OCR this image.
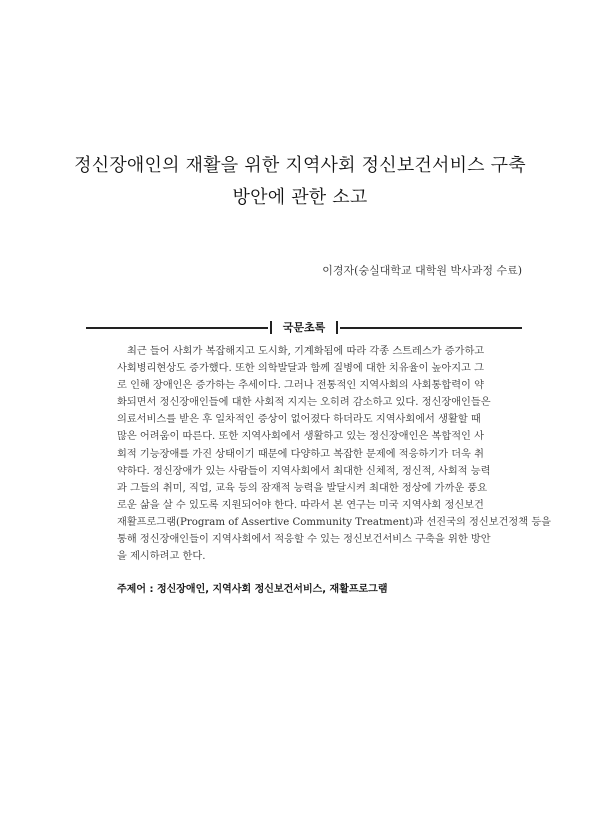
정신장애인의 재활을 위한 지역사회 정신보건서비스 구축
방안에 관한 소고
이경자(숭실대학교 대학원 박사과정 수료)
국문초록
최근 들어 사회가 복잡해지고 도시화, 기계화됨에 따라 각종 스트레스가 증가하고
사회병리현상도 증가했다. 또한 의학발달과 함께 질병에 대한 치유율이 높아지고 그
로 인해 장애인은 증가하는 추세이다. 그러나 전통적인 지역사회의 사회통합력이 약
화되면서 정신장애인들에 대한 사회적 지지는 오히려 감소하고 있다. 정신장애인들은
의료서비스를 받은 후 일차적인 증상이 없어졌다 하더라도 지역사회에서 생활할 때
많은 어려움이 따른다. 또한 지역사회에서 생활하고 있는 정신장애인은 복합적인 사
회적 기능장애를 가진 상태이기 때문에 다양하고 복잡한 문제에 적응하기가 더욱 취
약하다. 정신장애가 있는 사람들이 지역사회에서 최대한 신체적, 정신적, 사회적 능력
과 그들의 취미, 직업, 교육 등의 잠재적 능력을 발달시켜 최대한 정상에 가까운 풍요
로운 삶을 살 수 있도록 지원되어야 한다. 따라서 본 연구는 미국 지역사회 정신보건
재활프로그램(Program of Assertive Community Treatment)과 선진국의 정신보건정책 등을
통해 정신장애인들이 지역사회에서 적응할 수 있는 정신보건서비스 구축을 위한 방안
을 제시하려고 한다.
주제어 : 정신장애인, 지역사회 정신보건서비스, 재활프로그램
